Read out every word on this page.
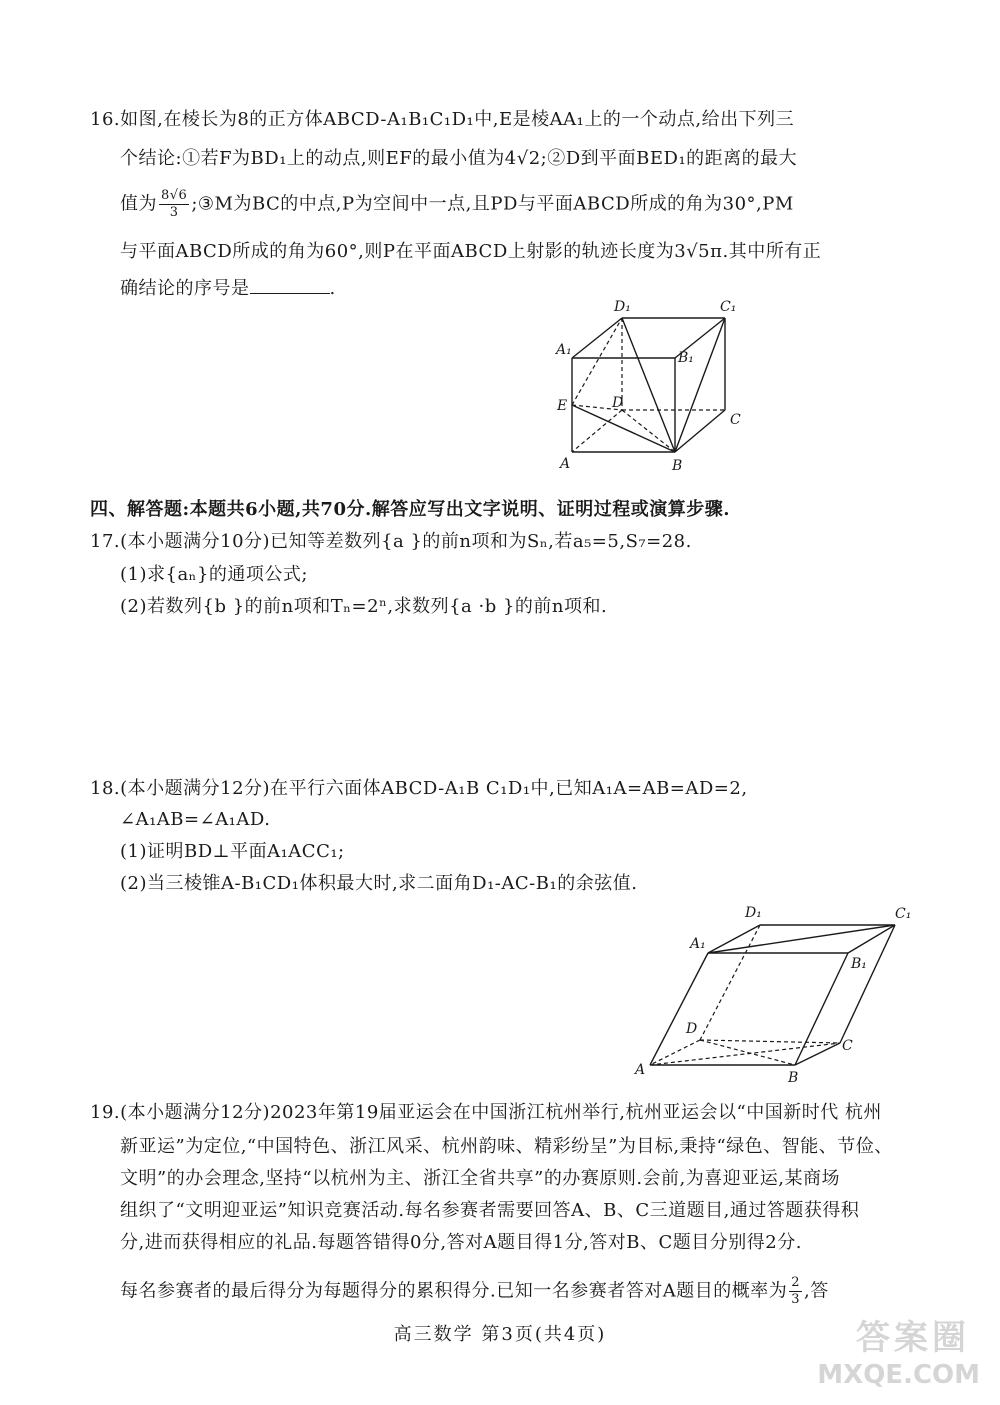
16.如图,在棱长为8的正方体ABCD-A₁B₁C₁D₁中,E是棱AA₁上的一个动点,给出下列三
个结论:①若F为BD₁上的动点,则EF的最小值为4√2;②D到平面BED₁的距离的最大
值为 $\frac{8√6}{3}$ ;③M为BC的中点,P为空间中一点,且PD与平面ABCD所成的角为30°,PM
与平面ABCD所成的角为60°,则P在平面ABCD上射影的轨迹长度为3√5π.其中所有正
确结论的序号是	.
D₁	C₁
A₁	B₁
E	D
C
A	B
四、解答题:本题共6小题,共70分.解答应写出文字说明、证明过程或演算步骤.
17.(本小题满分10分)已知等差数列{a }的前n项和为Sₙ,若a₅=5,S₇=28.
(1)求{aₙ}的通项公式;
(2)若数列{b }的前n项和Tₙ=2ⁿ,求数列{a ·b }的前n项和.
18.(本小题满分12分)在平行六面体ABCD-A₁B C₁D₁中,已知A₁A=AB=AD=2,
∠A₁AB=∠A₁AD.
(1)证明BD⊥平面A₁ACC₁;
(2)当三棱锥A-B₁CD₁体积最大时,求二面角D₁-AC-B₁的余弦值.
D₁	C₁
A₁
B₁
D
C
A	B
19.(本小题满分12分)2023年第19届亚运会在中国浙江杭州举行,杭州亚运会以“中国新时代 杭州
新亚运”为定位,“中国特色、浙江风采、杭州韵味、精彩纷呈”为目标,秉持“绿色、智能、节俭、
文明”的办会理念,坚持“以杭州为主、浙江全省共享”的办赛原则.会前,为喜迎亚运,某商场
组织了“文明迎亚运”知识竞赛活动.每名参赛者需要回答A、B、C三道题目,通过答题获得积
分,进而获得相应的礼品.每题答错得0分,答对A题目得1分,答对B、C题目分别得2分.
每名参赛者的最后得分为每题得分的累积得分.已知一名参赛者答对A题目的概率为 $\frac{2}{3}$ ,答
高三数学 第3页(共4页)	答案圈
MXQE.COM
